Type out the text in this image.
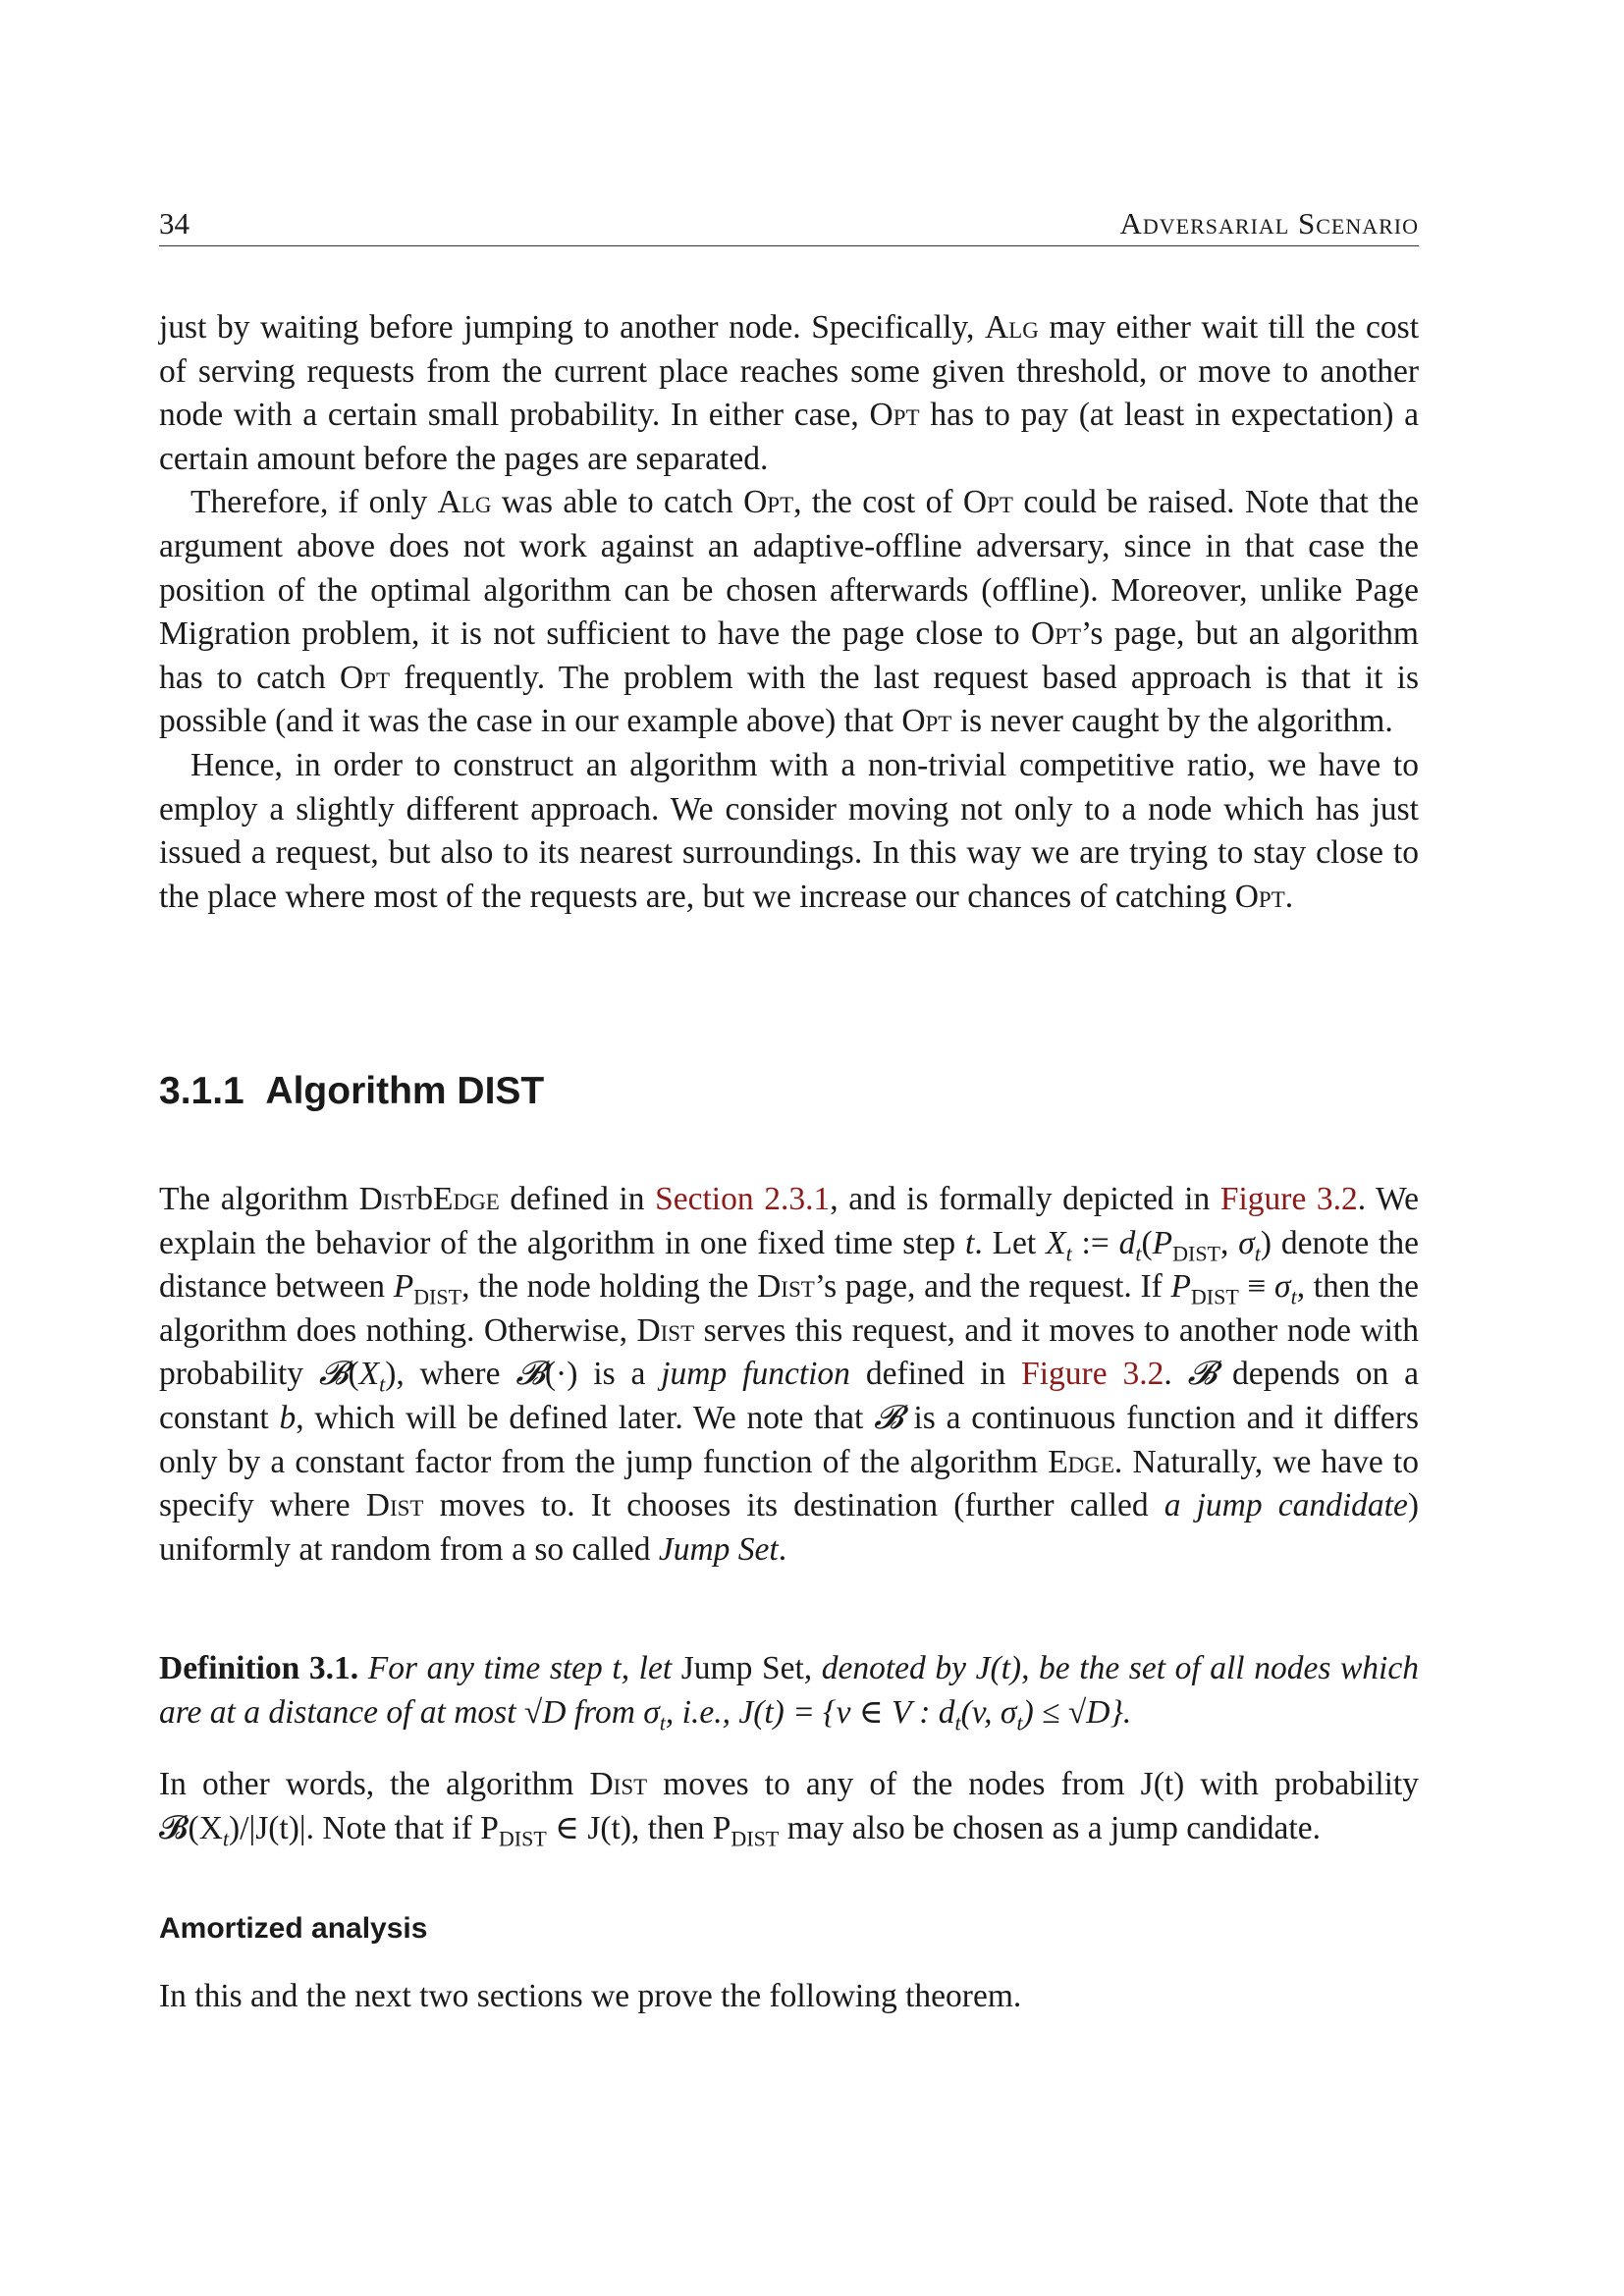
34	Adversarial Scenario

just by waiting before jumping to another node. Specifically, Alg may either wait till the cost of serving requests from the current place reaches some given threshold, or move to another node with a certain small probability. In either case, Opt has to pay (at least in expectation) a certain amount before the pages are separated.

Therefore, if only Alg was able to catch Opt, the cost of Opt could be raised. Note that the argument above does not work against an adaptive-offline adversary, since in that case the position of the optimal algorithm can be chosen afterwards (offline). Moreover, unlike Page Migration problem, it is not sufficient to have the page close to Opt’s page, but an algorithm has to catch Opt frequently. The problem with the last request based approach is that it is possible (and it was the case in our example above) that Opt is never caught by the algorithm.

Hence, in order to construct an algorithm with a non-trivial competitive ratio, we have to employ a slightly different approach. We consider moving not only to a node which has just issued a request, but also to its nearest surroundings. In this way we are trying to stay close to the place where most of the requests are, but we increase our chances of catching Opt.

3.1.1 Algorithm DIST

The algorithm DistbEdge defined in Section 2.3.1, and is formally depicted in Figure 3.2. We explain the behavior of the algorithm in one fixed time step t. Let $X_t$ := $d_t(P_{DIST}$, $\sigma_t$) denote the distance between $P_{DIST}$, the node holding the Dist’s page, and the request. If $P_{DIST} \equiv \sigma_t$, then the algorithm does nothing. Otherwise, Dist serves this request, and it moves to another node with probability $𝓑(X_t)$, where 𝓑(·) is a jump function defined in Figure 3.2. 𝓑 depends on a constant b, which will be defined later. We note that 𝓑 is a continuous function and it differs only by a constant factor from the jump function of the algorithm Edge. Naturally, we have to specify where Dist moves to. It chooses its destination (further called a jump candidate) uniformly at random from a so called Jump Set.

Definition 3.1. For any time step t, let Jump Set, denoted by J(t), be the set of all nodes which are at a distance of at most √D from $\sigma_t$, i.e., J(t) = {v ∈ V : $d_t(v$, $\sigma_t) \le √D$}.

In other words, the algorithm Dist moves to any of the nodes from J(t) with probability $𝓑(X_t)/|J(t)|$. Note that if $P_{DIST}$ ∈ J(t), then $P_{DIST}$ may also be chosen as a jump candidate.

Amortized analysis

In this and the next two sections we prove the following theorem.
